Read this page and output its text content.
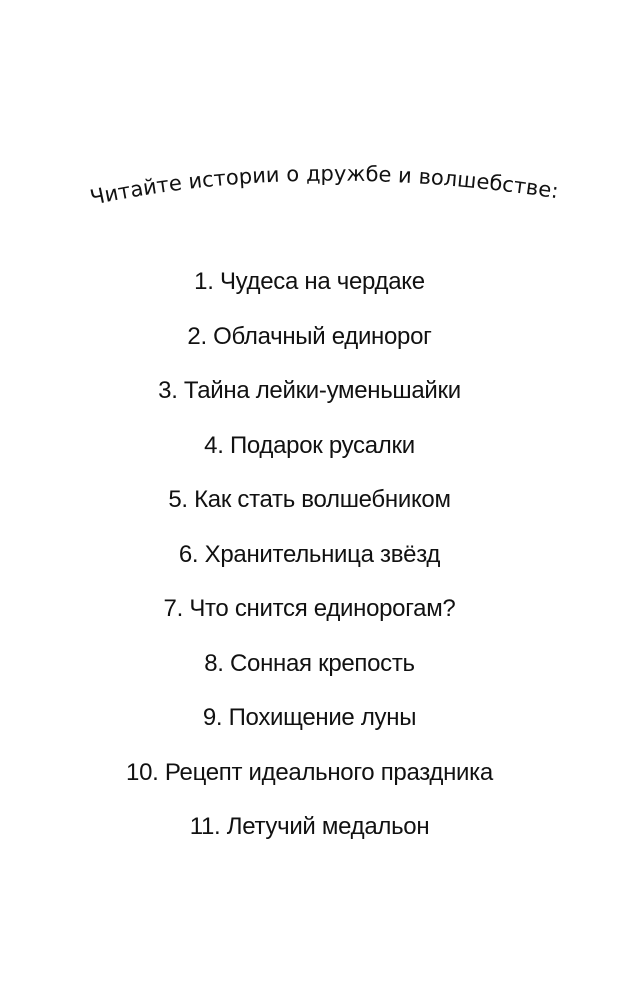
Читайте истории о дружбе и волшебстве:
1. Чудеса на чердаке
2. Облачный единорог
3. Тайна лейки-уменьшайки
4. Подарок русалки
5. Как стать волшебником
6. Хранительница звёзд
7. Что снится единорогам?
8. Сонная крепость
9. Похищение луны
10. Рецепт идеального праздника
11. Летучий медальон
